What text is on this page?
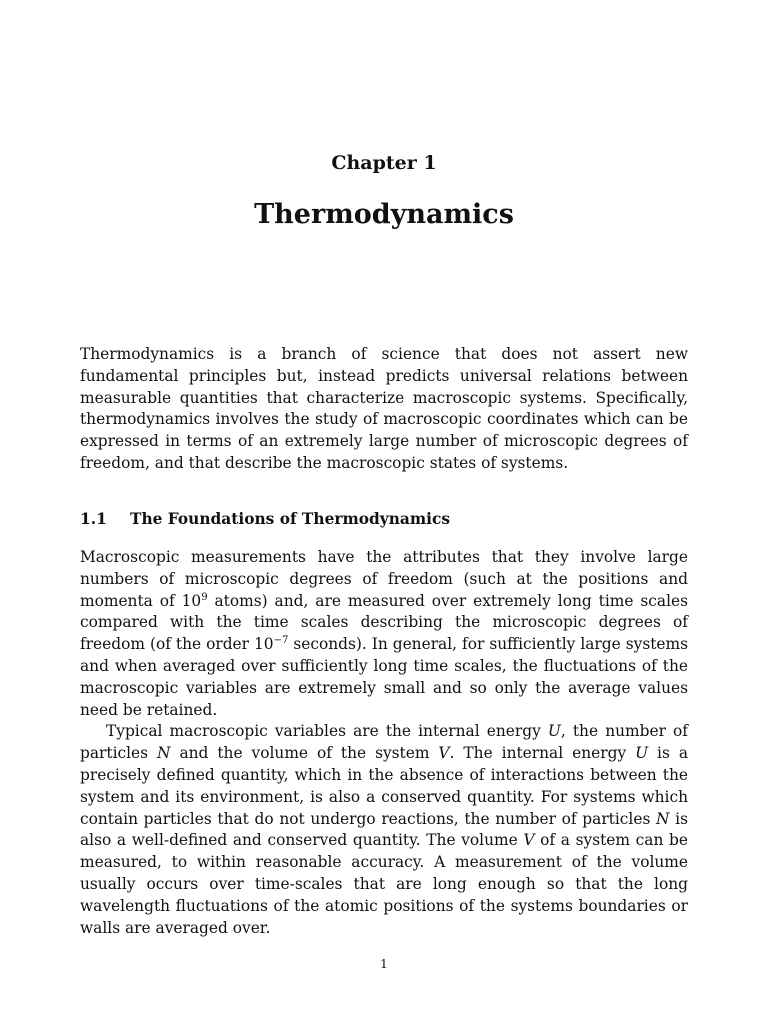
Chapter 1
Thermodynamics
Thermodynamics is a branch of science that does not assert new fundamental principles but, instead predicts universal relations between measurable quantities that characterize macroscopic systems. Specifically, thermodynamics involves the study of macroscopic coordinates which can be expressed in terms of an extremely large number of microscopic degrees of freedom, and that describe the macroscopic states of systems.
1.1 The Foundations of Thermodynamics

Macroscopic measurements have the attributes that they involve large numbers of microscopic degrees of freedom (such at the positions and momenta of $10^9$ atoms) and, are measured over extremely long time scales compared with the time scales describing the microscopic degrees of freedom (of the order $10^{-7}$ seconds). In general, for sufficiently large systems and when averaged over sufficiently long time scales, the fluctuations of the macroscopic variables are extremely small and so only the average values need be retained.

Typical macroscopic variables are the internal energy U, the number of particles N and the volume of the system V. The internal energy U is a precisely defined quantity, which in the absence of interactions between the system and its environment, is also a conserved quantity. For systems which contain particles that do not undergo reactions, the number of particles N is also a well-defined and conserved quantity. The volume V of a system can be measured, to within reasonable accuracy. A measurement of the volume usually occurs over time-scales that are long enough so that the long wavelength fluctuations of the atomic positions of the systems boundaries or walls are averaged over.

1
